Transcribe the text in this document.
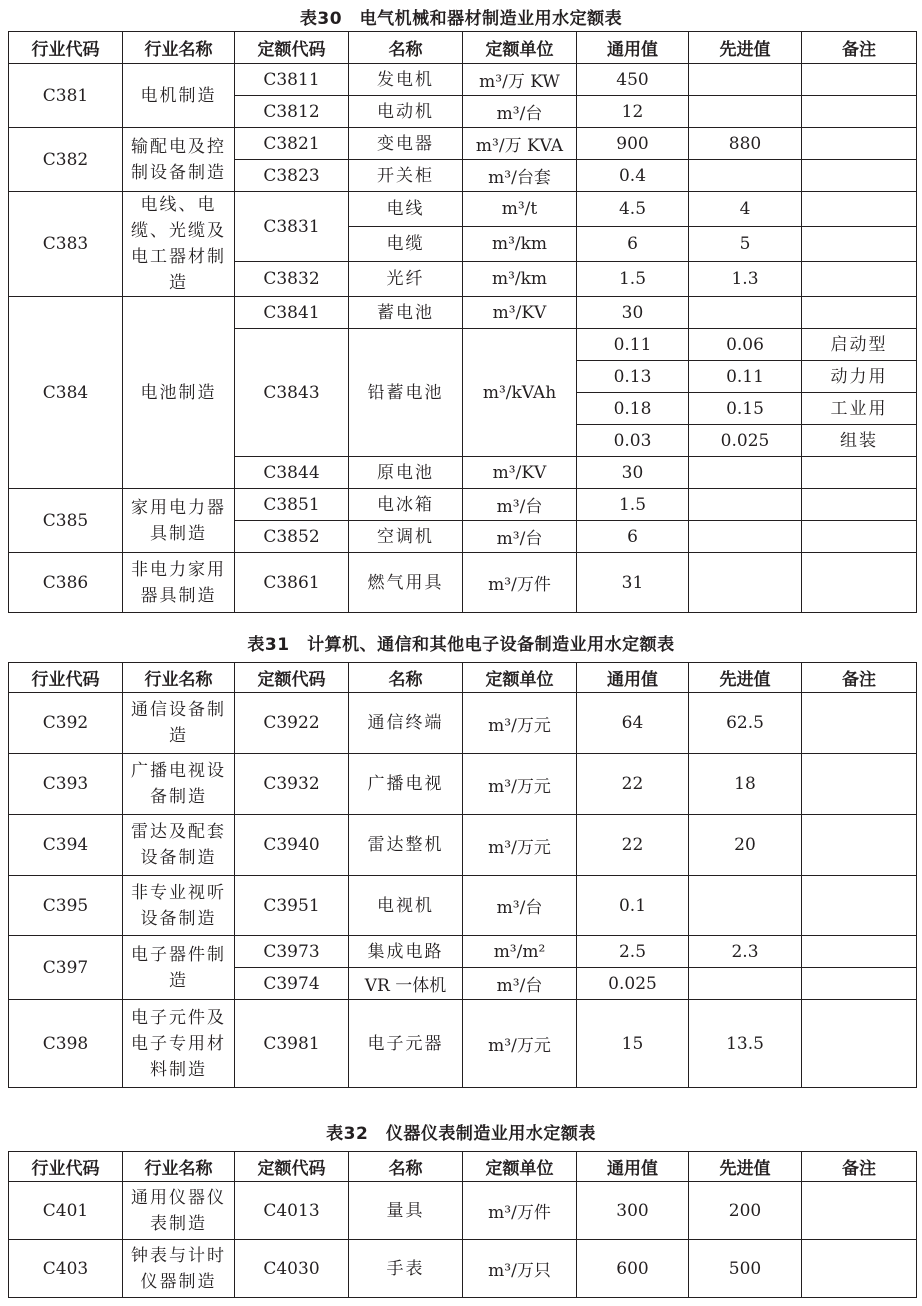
表30　电气机械和器材制造业用水定额表
行业代码	行业名称	定额代码	名称	定额单位	通用值	先进值	备注
C381	电机制造	C3811	发电机	m³/万 KW	450		
		C3812	电动机	m³/台	12		
C382	输配电及控制设备制造	C3821	变电器	m³/万 KVA	900	880	
		C3823	开关柜	m³/台套	0.4		
C383	电线、电缆、光缆及电工器材制造	C3831	电线	m³/t	4.5	4	
			电缆	m³/km	6	5	
		C3832	光纤	m³/km	1.5	1.3	
C384	电池制造	C3841	蓄电池	m³/KV	30		
		C3843	铅蓄电池	m³/kVAh	0.11	0.06	启动型
					0.13	0.11	动力用
					0.18	0.15	工业用
					0.03	0.025	组装
		C3844	原电池	m³/KV	30		
C385	家用电力器具制造	C3851	电冰箱	m³/台	1.5		
		C3852	空调机	m³/台	6		
C386	非电力家用器具制造	C3861	燃气用具	m³/万件	31		
表31　计算机、通信和其他电子设备制造业用水定额表
行业代码	行业名称	定额代码	名称	定额单位	通用值	先进值	备注
C392	通信设备制造	C3922	通信终端	m³/万元	64	62.5	
C393	广播电视设备制造	C3932	广播电视	m³/万元	22	18	
C394	雷达及配套设备制造	C3940	雷达整机	m³/万元	22	20	
C395	非专业视听设备制造	C3951	电视机	m³/台	0.1		
C397	电子器件制造	C3973	集成电路	m³/m²	2.5	2.3	
		C3974	VR 一体机	m³/台	0.025		
C398	电子元件及电子专用材料制造	C3981	电子元器	m³/万元	15	13.5	
表32　仪器仪表制造业用水定额表
行业代码	行业名称	定额代码	名称	定额单位	通用值	先进值	备注
C401	通用仪器仪表制造	C4013	量具	m³/万件	300	200	
C403	钟表与计时仪器制造	C4030	手表	m³/万只	600	500	
